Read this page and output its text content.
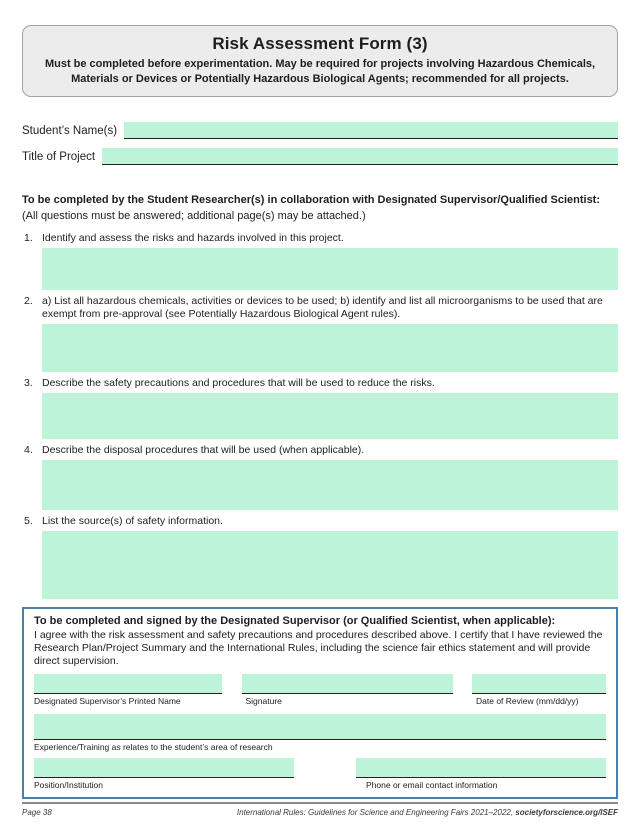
Risk Assessment Form (3)
Must be completed before experimentation. May be required for projects involving Hazardous Chemicals, Materials or Devices or Potentially Hazardous Biological Agents; recommended for all projects.
Student’s Name(s)
Title of Project
To be completed by the Student Researcher(s) in collaboration with Designated Supervisor/Qualified Scientist: (All questions must be answered; additional page(s) may be attached.)
1. Identify and assess the risks and hazards involved in this project.
2. a) List all hazardous chemicals, activities or devices to be used; b) identify and list all microorganisms to be used that are exempt from pre-approval (see Potentially Hazardous Biological Agent rules).
3. Describe the safety precautions and procedures that will be used to reduce the risks.
4. Describe the disposal procedures that will be used (when applicable).
5. List the source(s) of safety information.
To be completed and signed by the Designated Supervisor (or Qualified Scientist, when applicable):
I agree with the risk assessment and safety precautions and procedures described above. I certify that I have reviewed the Research Plan/Project Summary and the International Rules, including the science fair ethics statement and will provide direct supervision.
Designated Supervisor’s Printed Name	Signature	Date of Review (mm/dd/yy)
Experience/Training as relates to the student’s area of research
Position/Institution	Phone or email contact information
Page 38	International Rules: Guidelines for Science and Engineering Fairs 2021–2022, societyforscience.org/ISEF
